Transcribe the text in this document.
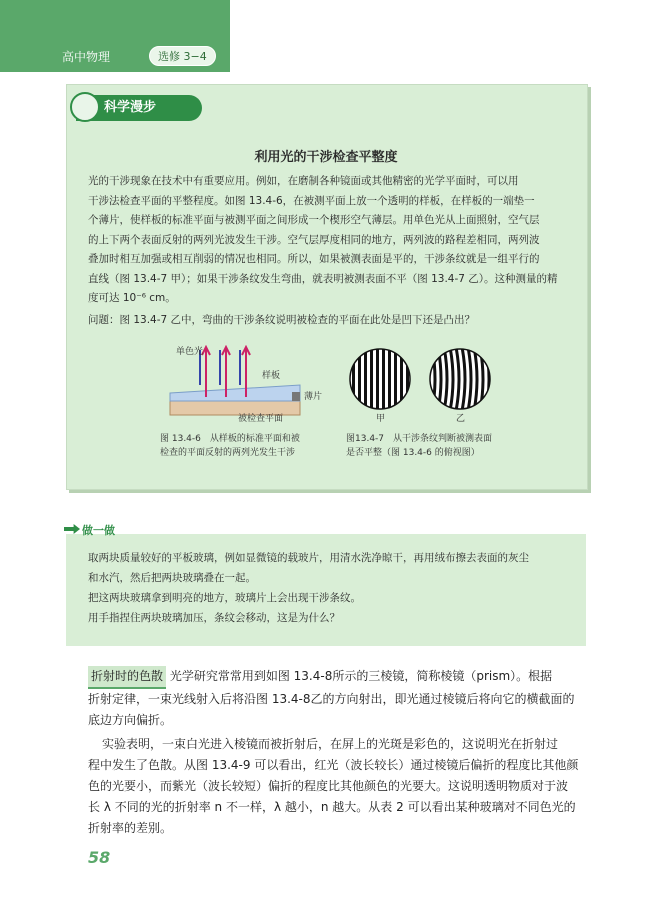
高中物理	选修 3−4
科学漫步
利用光的干涉检查平整度
光的干涉现象在技术中有重要应用。例如，在磨制各种镜面或其他精密的光学平面时，可以用
干涉法检查平面的平整程度。如图 13.4-6，在被测平面上放一个透明的样板，在样板的一端垫一
个薄片，使样板的标准平面与被测平面之间形成一个楔形空气薄层。用单色光从上面照射，空气层
的上下两个表面反射的两列光波发生干涉。空气层厚度相同的地方，两列波的路程差相同，两列波
叠加时相互加强或相互削弱的情况也相同。所以，如果被测表面是平的，干涉条纹就是一组平行的
直线（图 13.4-7 甲）；如果干涉条纹发生弯曲，就表明被测表面不平（图 13.4-7 乙）。这种测量的精
度可达 10⁻⁶ cm。
问题：图 13.4-7 乙中，弯曲的干涉条纹说明被检查的平面在此处是凹下还是凸出？
单色光
样板
薄片
被检查平面
图 13.4-6　从样板的标准平面和被
检查的平面反射的两列光发生干涉
甲	乙
图13.4-7　从干涉条纹判断被测表面
是否平整（图 13.4-6 的俯视图）
做一做
取两块质量较好的平板玻璃，例如显微镜的载玻片，用清水洗净晾干，再用绒布擦去表面的灰尘
和水汽，然后把两块玻璃叠在一起。
把这两块玻璃拿到明亮的地方，玻璃片上会出现干涉条纹。
用手指捏住两块玻璃加压，条纹会移动，这是为什么？
折射时的色散 光学研究常常用到如图 13.4-8所示的三棱镜，简称棱镜（prism）。根据
折射定律，一束光线射入后将沿图 13.4-8乙的方向射出，即光通过棱镜后将向它的横截面的
底边方向偏折。
实验表明，一束白光进入棱镜而被折射后，在屏上的光斑是彩色的，这说明光在折射过
程中发生了色散。从图 13.4-9 可以看出，红光（波长较长）通过棱镜后偏折的程度比其他颜
色的光要小，而紫光（波长较短）偏折的程度比其他颜色的光要大。这说明透明物质对于波
长 λ 不同的光的折射率 n 不一样，λ 越小，n 越大。从表 2 可以看出某种玻璃对不同色光的
折射率的差别。
58
